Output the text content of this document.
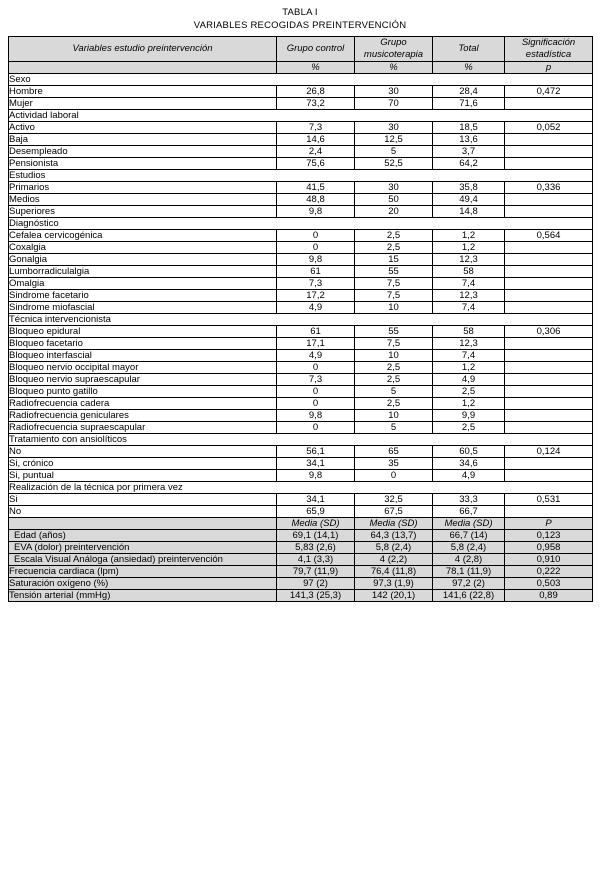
TABLA I
VARIABLES RECOGIDAS PREINTERVENCIÓN
Variables estudio preintervención	Grupo control	Grupo musicoterapia	Total	Significación estadística
	%	%	%	p
Sexo				
Hombre	26,8	30	28,4	0,472
Mujer	73,2	70	71,6	
Actividad laboral				
Activo	7,3	30	18,5	0,052
Baja	14,6	12,5	13,6	
Desempleado	2,4	5	3,7	
Pensionista	75,6	52,5	64,2	
Estudios				
Primarios	41,5	30	35,8	0,336
Medios	48,8	50	49,4	
Superiores	9,8	20	14,8	
Diagnóstico				
Cefalea cervicogénica	0	2,5	1,2	0,564
Coxalgia	0	2,5	1,2	
Gonalgia	9,8	15	12,3	
Lumborradiculalgia	61	55	58	
Omalgia	7,3	7,5	7,4	
Sindrome facetario	17,2	7,5	12,3	
Sindrome miofascial	4,9	10	7,4	
Técnica intervencionista				
Bloqueo epidural	61	55	58	0,306
Bloqueo facetario	17,1	7,5	12,3	
Bloqueo interfascial	4,9	10	7,4	
Bloqueo nervio occipital mayor	0	2,5	1,2	
Bloqueo nervio supraescapular	7,3	2,5	4,9	
Bloqueo punto gatillo	0	5	2,5	
Radiofrecuencia cadera	0	2,5	1,2	
Radiofrecuencia geniculares	9,8	10	9,9	
Radiofrecuencia supraescapular	0	5	2,5	
Tratamiento con ansiolíticos				
No	56,1	65	60,5	0,124
Si, crónico	34,1	35	34,6	
Si, puntual	9,8	0	4,9	
Realización de la técnica por primera vez				
Si	34,1	32,5	33,3	0,531
No	65,9	67,5	66,7	
	Media (SD)	Media (SD)	Media (SD)	P
Edad (años)	69,1 (14,1)	64,3 (13,7)	66,7 (14)	0,123
EVA (dolor) preintervención	5,83 (2,6)	5,8 (2,4)	5,8 (2,4)	0,958
Escala Visual Análoga (ansiedad) preintervención	4,1 (3,3)	4 (2,2)	4 (2,8)	0,910
Frecuencia cardiaca (lpm)	79,7 (11,9)	76,4 (11,8)	78,1 (11,9)	0,222
Saturación oxígeno (%)	97 (2)	97,3 (1,9)	97,2 (2)	0,503
Tensión arterial (mmHg)	141,3 (25,3)	142 (20,1)	141,6 (22,8)	0,89
